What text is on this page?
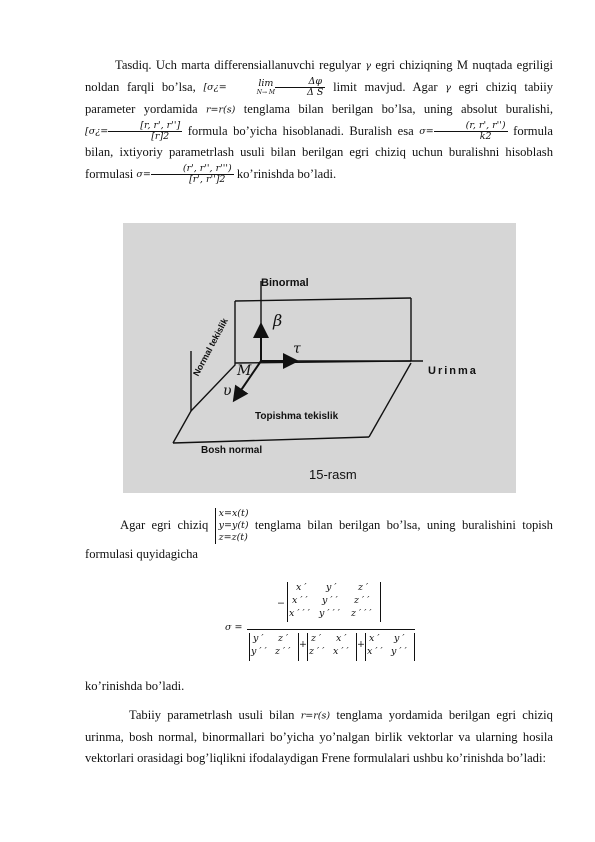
Tasdiq. Uch marta differensiallanuvchi regulyar γ egri chiziqning M nuqtada egriligi noldan farqli bo’lsa, [σ¿=	lim
N→ M $\frac{\Delta\varphi}{\text{Δ S}}$ limit mavjud. Agar γ egri chiziq tabiiy parameter yordamida r=r(s) tenglama bilan berilgan bo’lsa, uning absolut buralishi, [σ¿= $\frac{[r, r', r'']}{[r]2}$ formula bo’yicha hisoblanadi. Buralish esa $\sigma= \frac{(r, r', r'')}{k2}$ formula bilan, ixtiyoriy parametrlash usuli bilan berilgan egri chiziq uchun buralishni hisoblash formulasi $\sigma= \frac{(r', r'', r''')}{[r', r'']2}$ ko’rinishda bo’ladi.
Binormal
β
τ
Urinma
M
υ
Normal tekislik
Topishma tekislik
Bosh normal
15-rasm
Agar egri chiziq
x=x(t)
y=y(t)
z=z(t)
tenglama bilan berilgan bo’lsa, uning buralishini topish formulasi quyidagicha
σ =
−
x ′ y ′ z ′
x ′ ′ y ′ ′ z ′ ′
x ′ ′ ′ y ′ ′ ′ z ′ ′ ′
y ′ z ′
y ′ ′ z ′ ′
+
z ′ x ′
z ′ ′ x ′ ′
+
x ′ y ′
x ′ ′ y ′ ′
ko’rinishda bo’ladi.
Tabiiy parametrlash usuli bilan r=r(s) tenglama yordamida berilgan egri chiziq urinma, bosh normal, binormallari bo’yicha yo’nalgan birlik vektorlar va ularning hosila vektorlari orasidagi bog’liqlikni ifodalaydigan Frene formulalari ushbu ko’rinishda bo’ladi:
